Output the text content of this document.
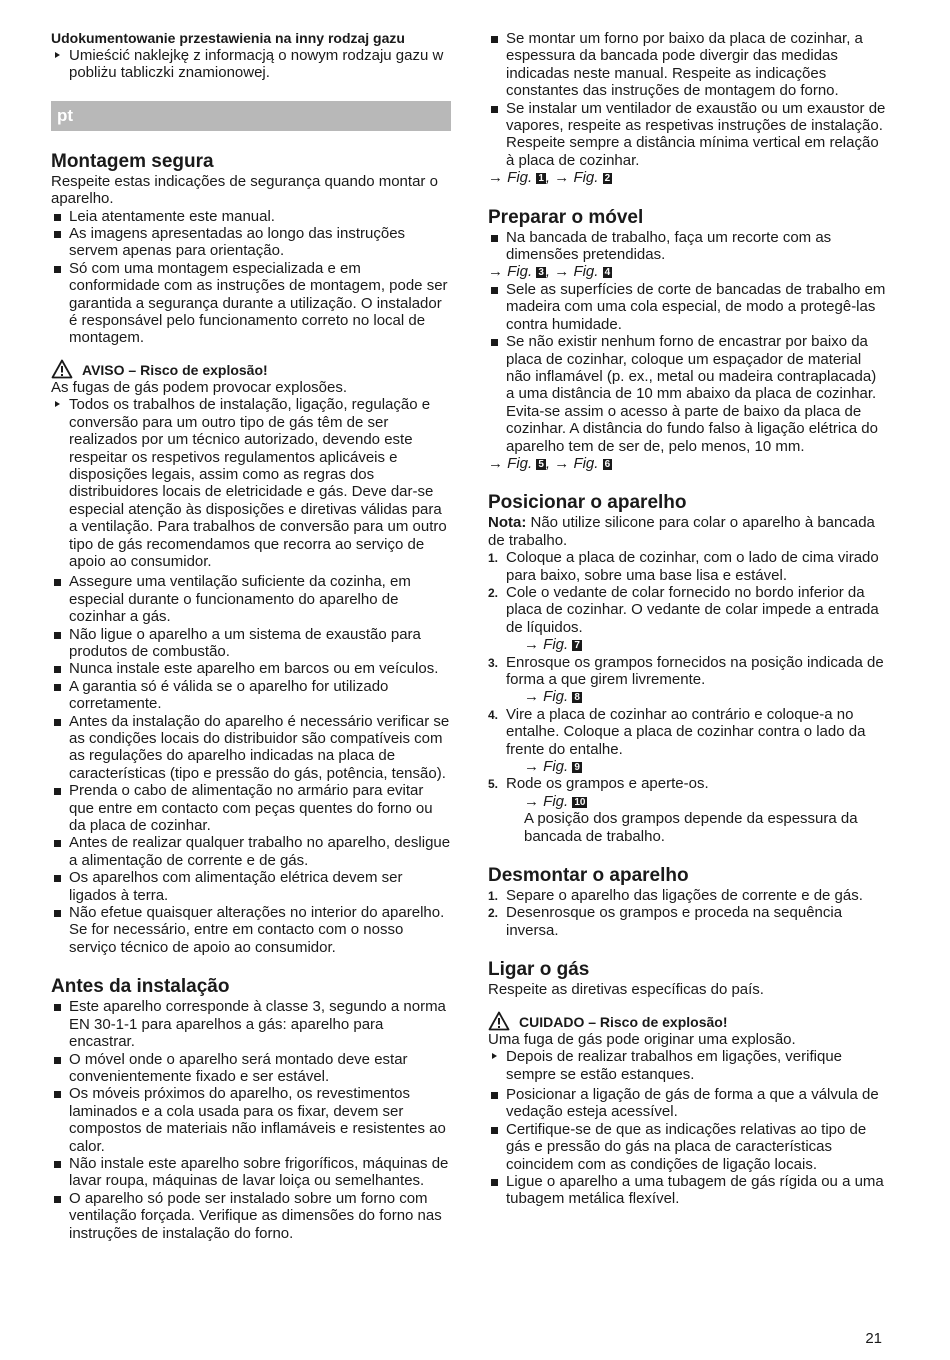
Udokumentowanie przestawienia na inny rodzaj gazu

Umieścić naklejkę z informacją o nowym rodzaju gazu w pobliżu tabliczki znamionowej.
pt

Montagem segura

Respeite estas indicações de segurança quando montar o aparelho.

Leia atentamente este manual.
As imagens apresentadas ao longo das instruções servem apenas para orientação.
Só com uma montagem especializada e em conformidade com as instruções de montagem, pode ser garantida a segurança durante a utilização. O instalador é responsável pelo funcionamento correto no local de montagem.
AVISO – Risco de explosão!

As fugas de gás podem provocar explosões.

Todos os trabalhos de instalação, ligação, regulação e conversão para um outro tipo de gás têm de ser realizados por um técnico autorizado, devendo este respeitar os respetivos regulamentos aplicáveis e disposições legais, assim como as regras dos distribuidores locais de eletricidade e gás. Deve dar-se especial atenção às disposições e diretivas válidas para a ventilação. Para trabalhos de conversão para um outro tipo de gás recomendamos que recorra ao serviço de apoio ao consumidor.
Assegure uma ventilação suficiente da cozinha, em especial durante o funcionamento do aparelho de cozinhar a gás.
Não ligue o aparelho a um sistema de exaustão para produtos de combustão.
Nunca instale este aparelho em barcos ou em veículos.
A garantia só é válida se o aparelho for utilizado corretamente.
Antes da instalação do aparelho é necessário verificar se as condições locais do distribuidor são compatíveis com as regulações do aparelho indicadas na placa de características (tipo e pressão do gás, potência, tensão).
Prenda o cabo de alimentação no armário para evitar que entre em contacto com peças quentes do forno ou da placa de cozinhar.
Antes de realizar qualquer trabalho no aparelho, desligue a alimentação de corrente e de gás.
Os aparelhos com alimentação elétrica devem ser ligados à terra.
Não efetue quaisquer alterações no interior do aparelho. Se for necessário, entre em contacto com o nosso serviço técnico de apoio ao consumidor.

Antes da instalação

Este aparelho corresponde à classe 3, segundo a norma EN 30-1-1 para aparelhos a gás: aparelho para encastrar.
O móvel onde o aparelho será montado deve estar convenientemente fixado e ser estável.
Os móveis próximos do aparelho, os revestimentos laminados e a cola usada para os fixar, devem ser compostos de materiais não inflamáveis e resistentes ao calor.
Não instale este aparelho sobre frigoríficos, máquinas de lavar roupa, máquinas de lavar loiça ou semelhantes.
O aparelho só pode ser instalado sobre um forno com ventilação forçada. Verifique as dimensões do forno nas instruções de instalação do forno.
Se montar um forno por baixo da placa de cozinhar, a espessura da bancada pode divergir das medidas indicadas neste manual. Respeite as indicações constantes das instruções de montagem do forno.
Se instalar um ventilador de exaustão ou um exaustor de vapores, respeite as respetivas instruções de instalação. Respeite sempre a distância mínima vertical em relação à placa de cozinhar.

→ Fig. 1 , → Fig. 2

Preparar o móvel

Na bancada de trabalho, faça um recorte com as dimensões pretendidas.

→ Fig. 3 , → Fig. 4

Sele as superfícies de corte de bancadas de trabalho em madeira com uma cola especial, de modo a protegê-las contra humidade.
Se não existir nenhum forno de encastrar por baixo da placa de cozinhar, coloque um espaçador de material não inflamável (p. ex., metal ou madeira contraplacada) a uma distância de 10 mm abaixo da placa de cozinhar. Evita-se assim o acesso à parte de baixo da placa de cozinhar. A distância do fundo falso à ligação elétrica do aparelho tem de ser de, pelo menos, 10 mm.

→ Fig. 5 , → Fig. 6

Posicionar o aparelho

Nota: Não utilize silicone para colar o aparelho à bancada de trabalho.

1. Coloque a placa de cozinhar, com o lado de cima virado para baixo, sobre uma base lisa e estável.
2. Cole o vedante de colar fornecido no bordo inferior da placa de cozinhar. O vedante de colar impede a entrada de líquidos.
→ Fig. 7
3. Enrosque os grampos fornecidos na posição indicada de forma a que girem livremente.
→ Fig. 8
4. Vire a placa de cozinhar ao contrário e coloque-a no entalhe. Coloque a placa de cozinhar contra o lado da frente do entalhe.
→ Fig. 9
5. Rode os grampos e aperte-os.
→ Fig. 10
A posição dos grampos depende da espessura da bancada de trabalho.

Desmontar o aparelho

1. Separe o aparelho das ligações de corrente e de gás.
2. Desenrosque os grampos e proceda na sequência inversa.

Ligar o gás

Respeite as diretivas específicas do país.

CUIDADO – Risco de explosão!

Uma fuga de gás pode originar uma explosão.

Depois de realizar trabalhos em ligações, verifique sempre se estão estanques.
Posicionar a ligação de gás de forma a que a válvula de vedação esteja acessível.
Certifique-se de que as indicações relativas ao tipo de gás e pressão do gás na placa de características coincidem com as condições de ligação locais.
Ligue o aparelho a uma tubagem de gás rígida ou a uma tubagem metálica flexível.
21
